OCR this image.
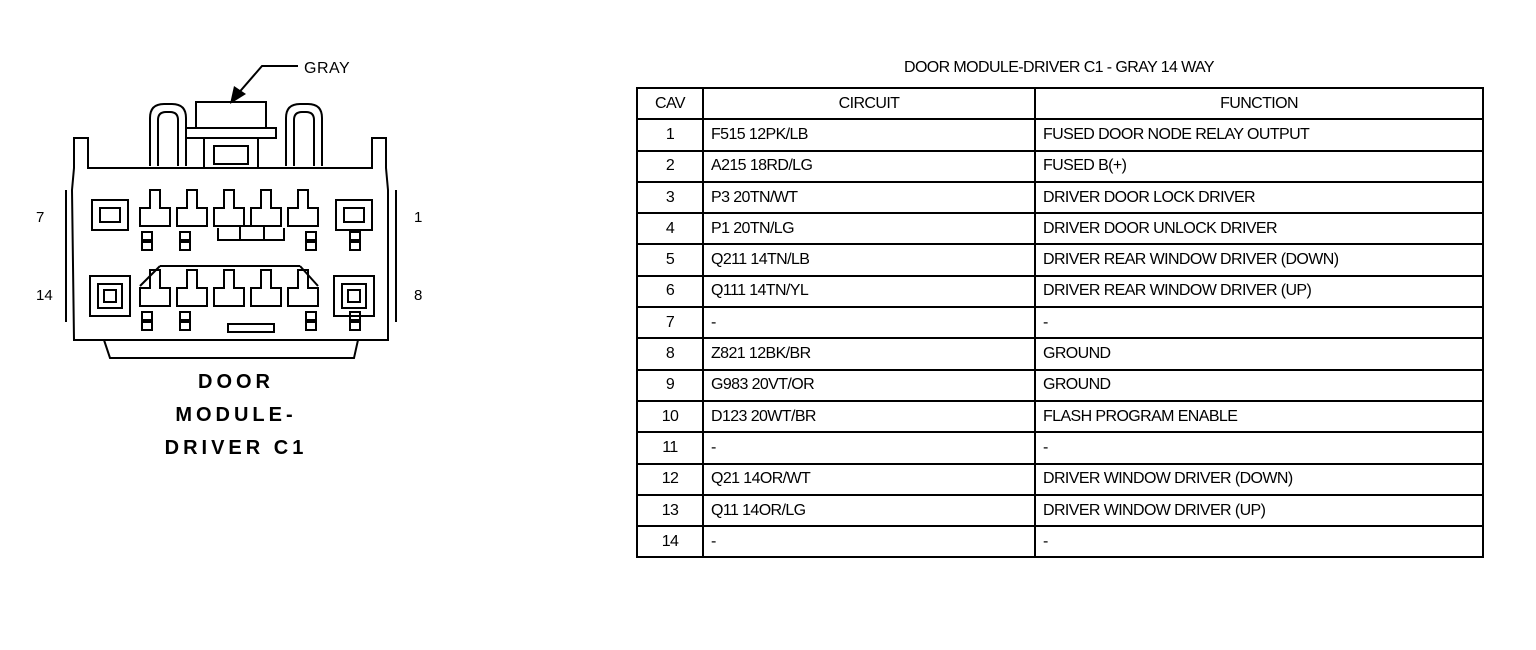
GRAY
7	1
14	8
DOOR
MODULE-
DRIVER C1
DOOR MODULE-DRIVER C1 - GRAY 14 WAY
CAV	CIRCUIT	FUNCTION
1	F515 12PK/LB	FUSED DOOR NODE RELAY OUTPUT
2	A215 18RD/LG	FUSED B(+)
3	P3 20TN/WT	DRIVER DOOR LOCK DRIVER
4	P1 20TN/LG	DRIVER DOOR UNLOCK DRIVER
5	Q211 14TN/LB	DRIVER REAR WINDOW DRIVER (DOWN)
6	Q111 14TN/YL	DRIVER REAR WINDOW DRIVER (UP)
7	-	-
8	Z821 12BK/BR	GROUND
9	G983 20VT/OR	GROUND
10	D123 20WT/BR	FLASH PROGRAM ENABLE
11	-	-
12	Q21 14OR/WT	DRIVER WINDOW DRIVER (DOWN)
13	Q11 14OR/LG	DRIVER WINDOW DRIVER (UP)
14	-	-
